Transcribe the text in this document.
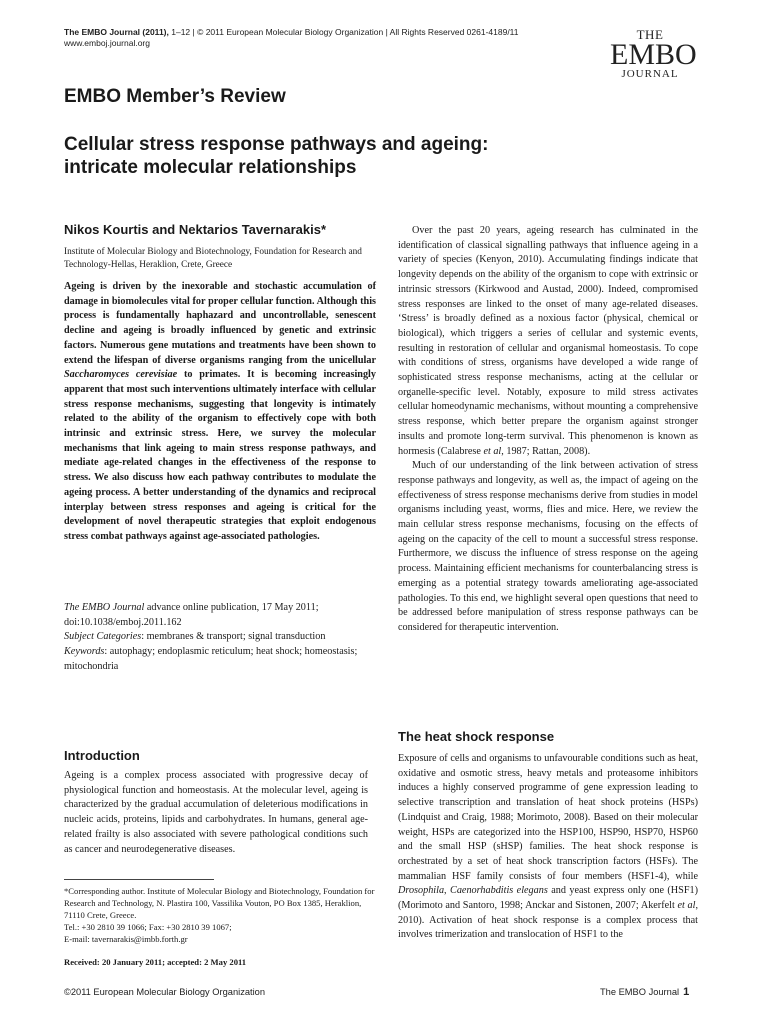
The EMBO Journal (2011), 1–12 | © 2011 European Molecular Biology Organization | All Rights Reserved 0261-4189/11
www.emboj.journal.org
THE
EMBO
JOURNAL
EMBO Member’s Review
Cellular stress response pathways and ageing:
intricate molecular relationships
Nikos Kourtis and Nektarios Tavernarakis*
Institute of Molecular Biology and Biotechnology, Foundation for Research and Technology-Hellas, Heraklion, Crete, Greece
Ageing is driven by the inexorable and stochastic accumulation of damage in biomolecules vital for proper cellular function. Although this process is fundamentally haphazard and uncontrollable, senescent decline and ageing is broadly influenced by genetic and extrinsic factors. Numerous gene mutations and treatments have been shown to extend the lifespan of diverse organisms ranging from the unicellular Saccharomyces cerevisiae to primates. It is becoming increasingly apparent that most such interventions ultimately interface with cellular stress response mechanisms, suggesting that longevity is intimately related to the ability of the organism to effectively cope with both intrinsic and extrinsic stress. Here, we survey the molecular mechanisms that link ageing to main stress response pathways, and mediate age-related changes in the effectiveness of the response to stress. We also discuss how each pathway contributes to modulate the ageing process. A better understanding of the dynamics and reciprocal interplay between stress responses and ageing is critical for the development of novel therapeutic strategies that exploit endogenous stress combat pathways against age-associated pathologies.
The EMBO Journal advance online publication, 17 May 2011; doi:10.1038/emboj.2011.162
Subject Categories: membranes & transport; signal transduction
Keywords: autophagy; endoplasmic reticulum; heat shock; homeostasis; mitochondria
Introduction
Ageing is a complex process associated with progressive decay of physiological function and homeostasis. At the molecular level, ageing is characterized by the gradual accumulation of deleterious modifications in nucleic acids, proteins, lipids and carbohydrates. In humans, general age-related frailty is also associated with severe pathological conditions such as cancer and neurodegenerative diseases.
*Corresponding author. Institute of Molecular Biology and Biotechnology, Foundation for Research and Technology, N. Plastira 100, Vassilika Vouton, PO Box 1385, Heraklion, 71110 Crete, Greece.
Tel.: +30 2810 39 1066; Fax: +30 2810 39 1067;
E-mail: tavernarakis@imbb.forth.gr
Received: 20 January 2011; accepted: 2 May 2011

Over the past 20 years, ageing research has culminated in the identification of classical signalling pathways that influence ageing in a variety of species (Kenyon, 2010). Accumulating findings indicate that longevity depends on the ability of the organism to cope with extrinsic or intrinsic stressors (Kirkwood and Austad, 2000). Indeed, compromised stress responses are linked to the onset of many age-related diseases. ‘Stress’ is broadly defined as a noxious factor (physical, chemical or biological), which triggers a series of cellular and systemic events, resulting in restoration of cellular and organismal homeostasis. To cope with conditions of stress, organisms have developed a wide range of sophisticated stress response mechanisms, acting at the cellular or organelle-specific level. Notably, exposure to mild stress activates cellular homeodynamic mechanisms, without mounting a comprehensive stress response, which better prepare the organism against stronger insults and promote long-term survival. This phenomenon is known as hormesis (Calabrese et al, 1987; Rattan, 2008).

Much of our understanding of the link between activation of stress response pathways and longevity, as well as, the impact of ageing on the effectiveness of stress response mechanisms derive from studies in model organisms including yeast, worms, flies and mice. Here, we review the main cellular stress response mechanisms, focusing on the effects of ageing on the capacity of the cell to mount a successful stress response. Furthermore, we discuss the influence of stress response on the ageing process. Maintaining efficient mechanisms for counterbalancing stress is emerging as a potential strategy towards ameliorating age-associated pathologies. To this end, we highlight several open questions that need to be addressed before manipulation of stress response pathways can be considered for therapeutic intervention.

The heat shock response
Exposure of cells and organisms to unfavourable conditions such as heat, oxidative and osmotic stress, heavy metals and proteasome inhibitors induces a highly conserved programme of gene expression leading to selective transcription and translation of heat shock proteins (HSPs) (Lindquist and Craig, 1988; Morimoto, 2008). Based on their molecular weight, HSPs are categorized into the HSP100, HSP90, HSP70, HSP60 and the small HSP (sHSP) families. The heat shock response is orchestrated by a set of heat shock transcription factors (HSFs). The mammalian HSF family consists of four members (HSF1-4), while Drosophila, Caenorhabditis elegans and yeast express only one (HSF1) (Morimoto and Santoro, 1998; Anckar and Sistonen, 2007; Akerfelt et al, 2010). Activation of heat shock response is a complex process that involves trimerization and translocation of HSF1 to the
©2011 European Molecular Biology Organization	The EMBO Journal 1
